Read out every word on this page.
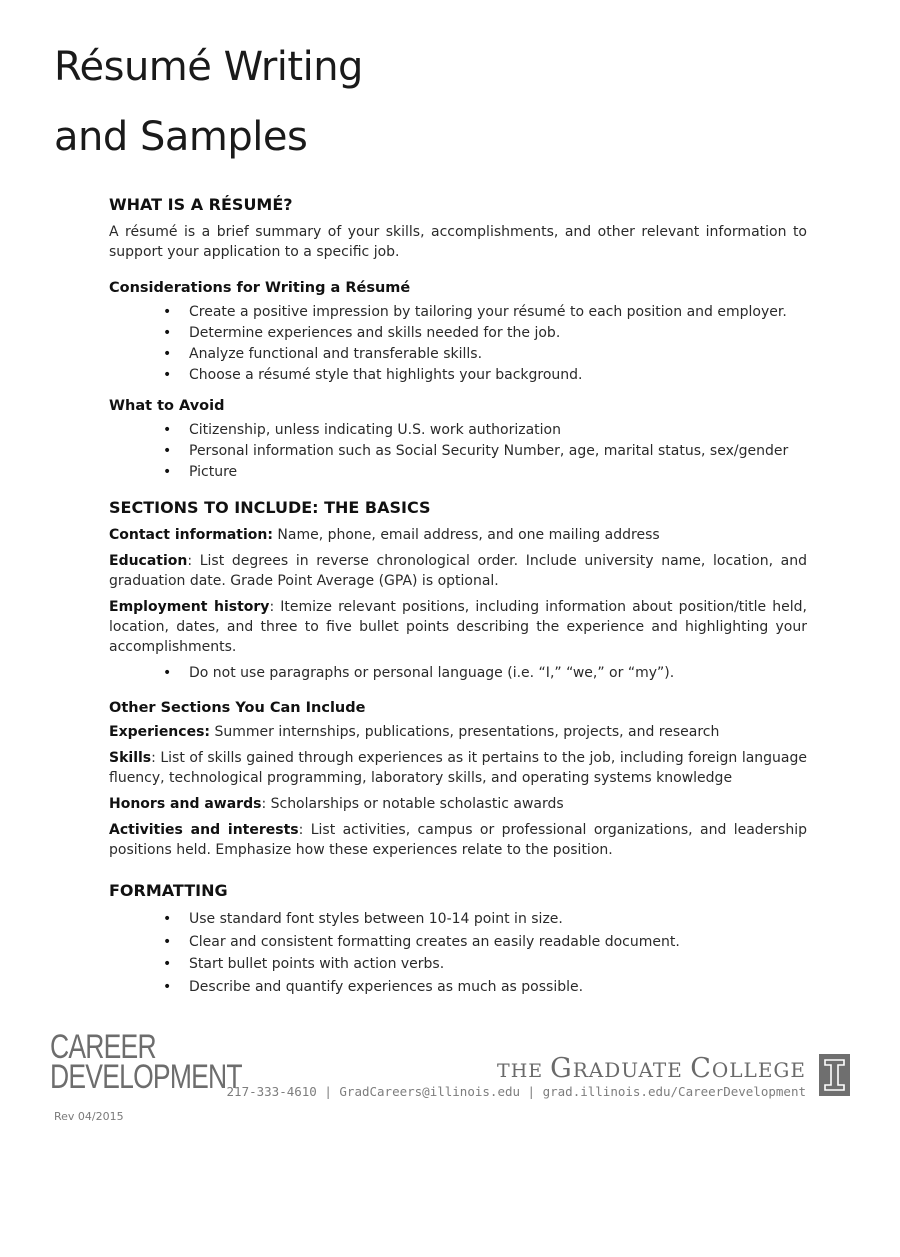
Résumé Writing
and Samples
WHAT IS A RÉSUMÉ?

A résumé is a brief summary of your skills, accomplishments, and other relevant information to support your application to a specific job.

Considerations for Writing a Résumé
• Create a positive impression by tailoring your résumé to each position and employer.
• Determine experiences and skills needed for the job.
• Analyze functional and transferable skills.
• Choose a résumé style that highlights your background.
What to Avoid
• Citizenship, unless indicating U.S. work authorization
• Personal information such as Social Security Number, age, marital status, sex/gender
• Picture
SECTIONS TO INCLUDE: THE BASICS

Contact information: Name, phone, email address, and one mailing address

Education: List degrees in reverse chronological order. Include university name, location, and graduation date. Grade Point Average (GPA) is optional.

Employment history: Itemize relevant positions, including information about position/title held, location, dates, and three to five bullet points describing the experience and highlighting your accomplishments.

• Do not use paragraphs or personal language (i.e. “I,” “we,” or “my”).
Other Sections You Can Include

Experiences: Summer internships, publications, presentations, projects, and research

Skills: List of skills gained through experiences as it pertains to the job, including foreign language fluency, technological programming, laboratory skills, and operating systems knowledge

Honors and awards: Scholarships or notable scholastic awards

Activities and interests: List activities, campus or professional organizations, and leadership positions held. Emphasize how these experiences relate to the position.

FORMATTING
• Use standard font styles between 10-14 point in size.
• Clear and consistent formatting creates an easily readable document.
• Start bullet points with action verbs.
• Describe and quantify experiences as much as possible.
CAREER
DEVELOPMENT
Rev 04/2015
THE GRADUATE COLLEGE
217-333-4610 | GradCareers@illinois.edu | grad.illinois.edu/CareerDevelopment
